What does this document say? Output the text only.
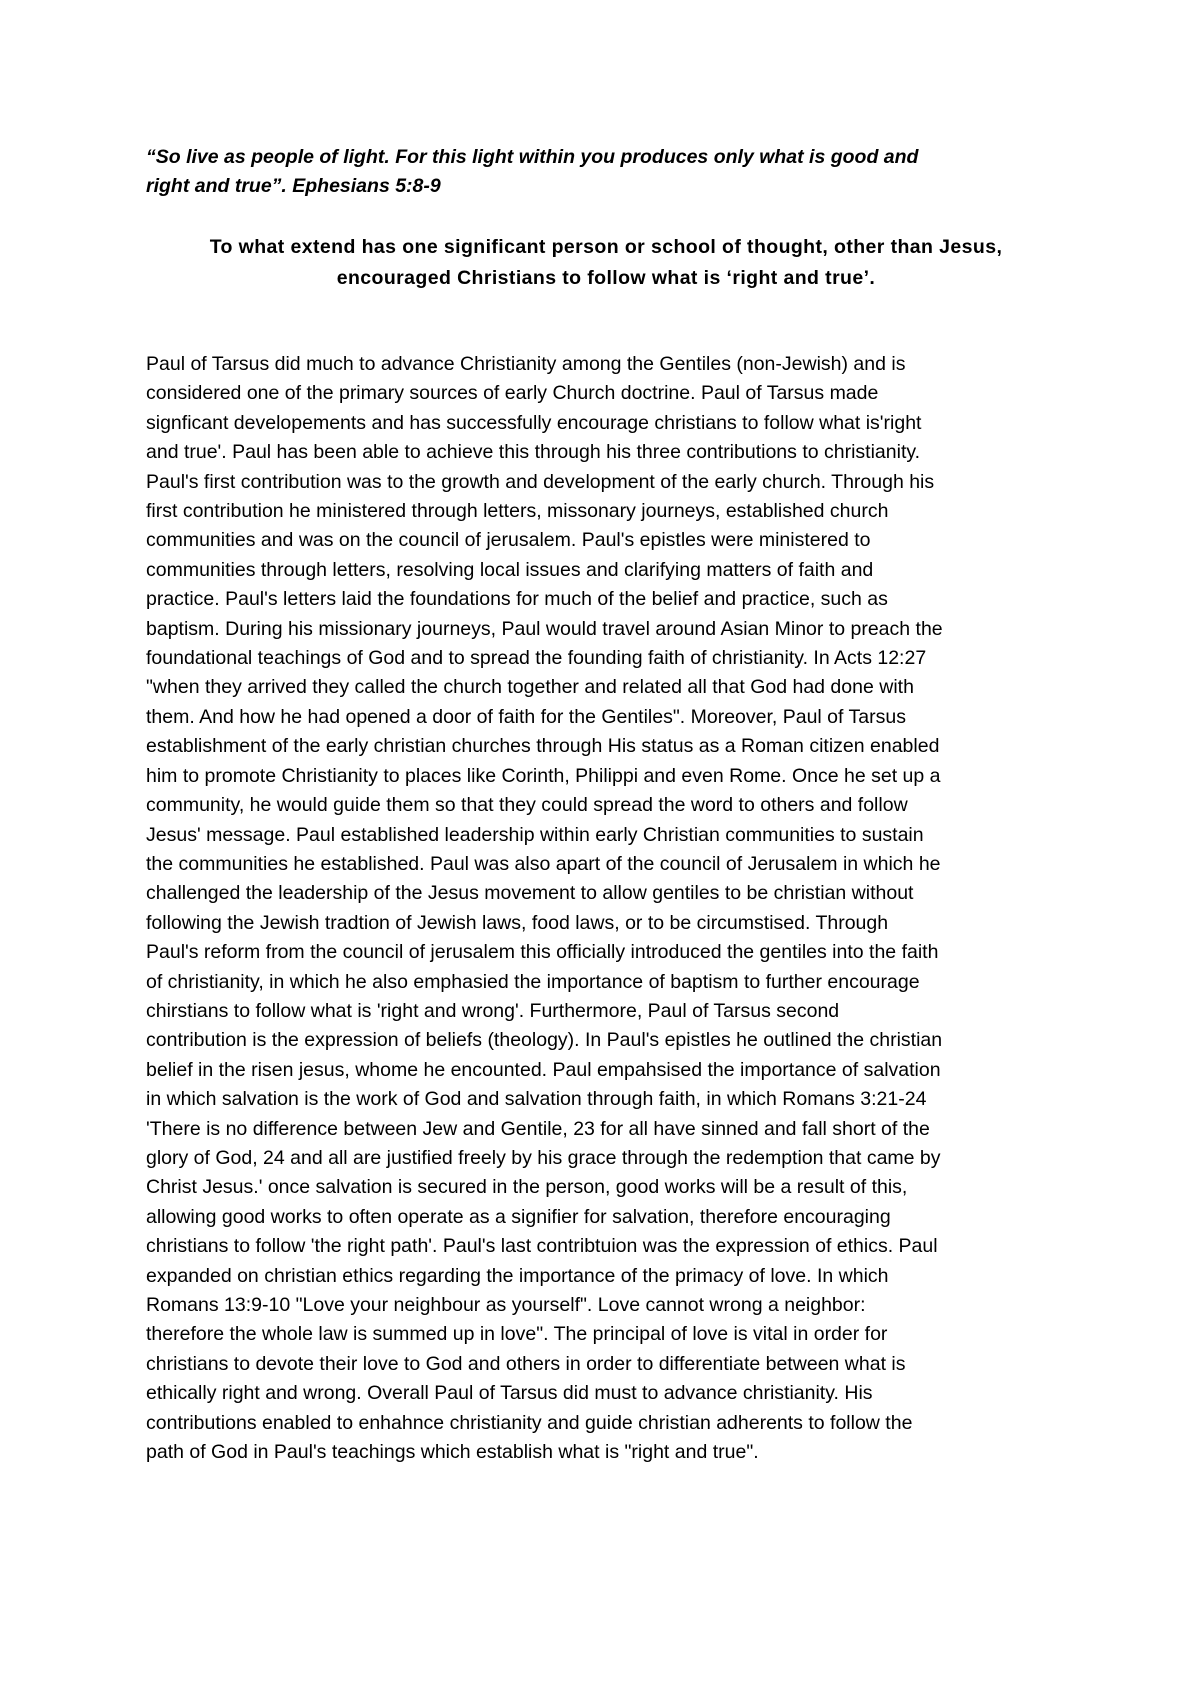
“So live as people of light. For this light within you produces only what is good and
right and true”. Ephesians 5:8-9

To what extend has one significant person or school of thought, other than Jesus,
encouraged Christians to follow what is ‘right and true’.

Paul of Tarsus did much to advance Christianity among the Gentiles (non-Jewish) and is
considered one of the primary sources of early Church doctrine. Paul of Tarsus made
signficant developements and has successfully encourage christians to follow what is'right
and true'. Paul has been able to achieve this through his three contributions to christianity.
Paul's first contribution was to the growth and development of the early church. Through his
first contribution he ministered through letters, missonary journeys, established church
communities and was on the council of jerusalem. Paul's epistles were ministered to
communities through letters, resolving local issues and clarifying matters of faith and
practice. Paul's letters laid the foundations for much of the belief and practice, such as
baptism. During his missionary journeys, Paul would travel around Asian Minor to preach the
foundational teachings of God and to spread the founding faith of christianity. In Acts 12:27
"when they arrived they called the church together and related all that God had done with
them. And how he had opened a door of faith for the Gentiles". Moreover, Paul of Tarsus
establishment of the early christian churches through His status as a Roman citizen enabled
him to promote Christianity to places like Corinth, Philippi and even Rome. Once he set up a
community, he would guide them so that they could spread the word to others and follow
Jesus' message. Paul established leadership within early Christian communities to sustain
the communities he established. Paul was also apart of the council of Jerusalem in which he
challenged the leadership of the Jesus movement to allow gentiles to be christian without
following the Jewish tradtion of Jewish laws, food laws, or to be circumstised. Through
Paul's reform from the council of jerusalem this officially introduced the gentiles into the faith
of christianity, in which he also emphasied the importance of baptism to further encourage
chirstians to follow what is 'right and wrong'. Furthermore, Paul of Tarsus second
contribution is the expression of beliefs (theology). In Paul's epistles he outlined the christian
belief in the risen jesus, whome he encounted. Paul empahsised the importance of salvation
in which salvation is the work of God and salvation through faith, in which Romans 3:21-24
'There is no difference between Jew and Gentile, 23 for all have sinned and fall short of the
glory of God, 24 and all are justified freely by his grace through the redemption that came by
Christ Jesus.' once salvation is secured in the person, good works will be a result of this,
allowing good works to often operate as a signifier for salvation, therefore encouraging
christians to follow 'the right path'. Paul's last contribtuion was the expression of ethics. Paul
expanded on christian ethics regarding the importance of the primacy of love. In which
Romans 13:9-10 "Love your neighbour as yourself". Love cannot wrong a neighbor:
therefore the whole law is summed up in love". The principal of love is vital in order for
christians to devote their love to God and others in order to differentiate between what is
ethically right and wrong. Overall Paul of Tarsus did must to advance christianity. His
contributions enabled to enhahnce christianity and guide christian adherents to follow the
path of God in Paul's teachings which establish what is "right and true".
